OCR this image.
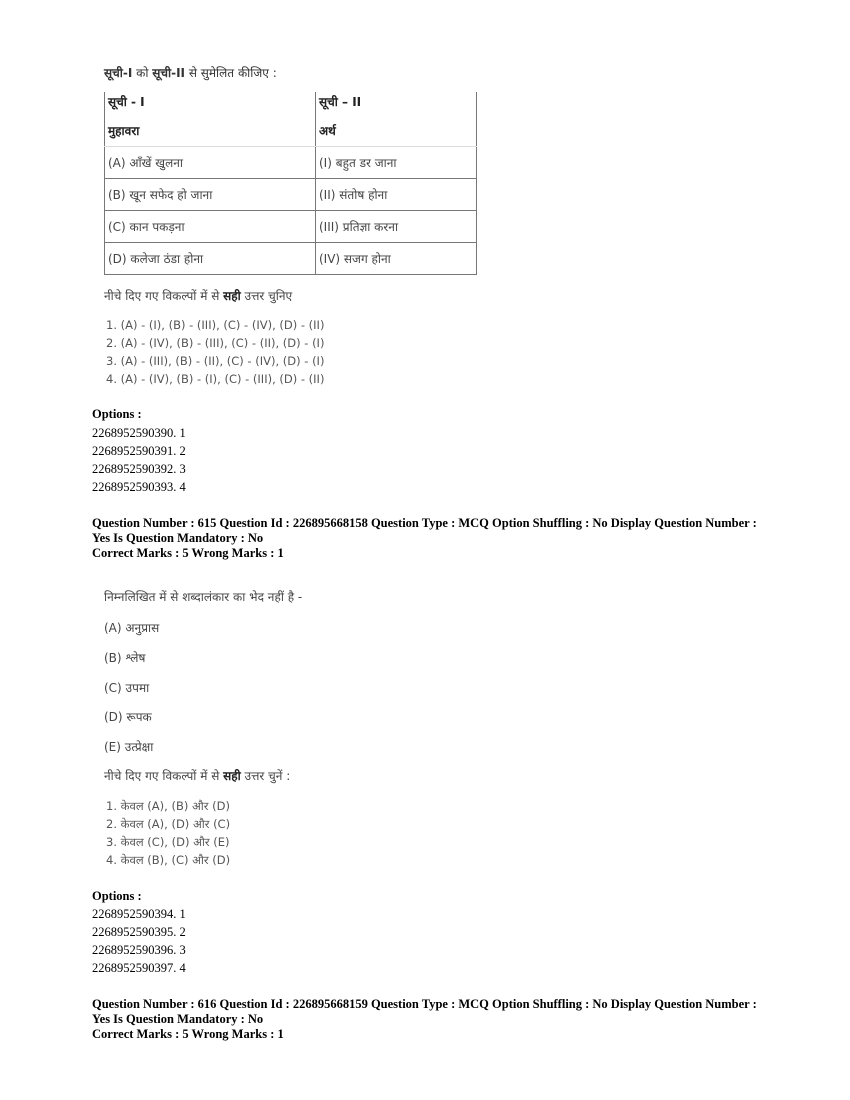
सूची-I को सूची-II से सुमेलित कीजिए :
सूची - I	सूची – II
मुहावरा	अर्थ
(A) आँखें खुलना	(I) बहुत डर जाना
(B) खून सफेद हो जाना	(II) संतोष होना
(C) कान पकड़ना	(III) प्रतिज्ञा करना
(D) कलेजा ठंडा होना	(IV) सजग होना
नीचे दिए गए विकल्पों में से सही उत्तर चुनिए
1. (A) - (I), (B) - (III), (C) - (IV), (D) - (II)
2. (A) - (IV), (B) - (III), (C) - (II), (D) - (I)
3. (A) - (III), (B) - (II), (C) - (IV), (D) - (I)
4. (A) - (IV), (B) - (I), (C) - (III), (D) - (II)
Options :
2268952590390. 1
2268952590391. 2
2268952590392. 3
2268952590393. 4
Question Number : 615 Question Id : 226895668158 Question Type : MCQ Option Shuffling : No Display Question Number : Yes Is Question Mandatory : No
Correct Marks : 5 Wrong Marks : 1
निम्नलिखित में से शब्दालंकार का भेद नहीं है -
(A) अनुप्रास
(B) श्लेष
(C) उपमा
(D) रूपक
(E) उत्प्रेक्षा
नीचे दिए गए विकल्पों में से सही उत्तर चुनें :
1. केवल (A), (B) और (D)
2. केवल (A), (D) और (C)
3. केवल (C), (D) और (E)
4. केवल (B), (C) और (D)
Options :
2268952590394. 1
2268952590395. 2
2268952590396. 3
2268952590397. 4
Question Number : 616 Question Id : 226895668159 Question Type : MCQ Option Shuffling : No Display Question Number : Yes Is Question Mandatory : No
Correct Marks : 5 Wrong Marks : 1
